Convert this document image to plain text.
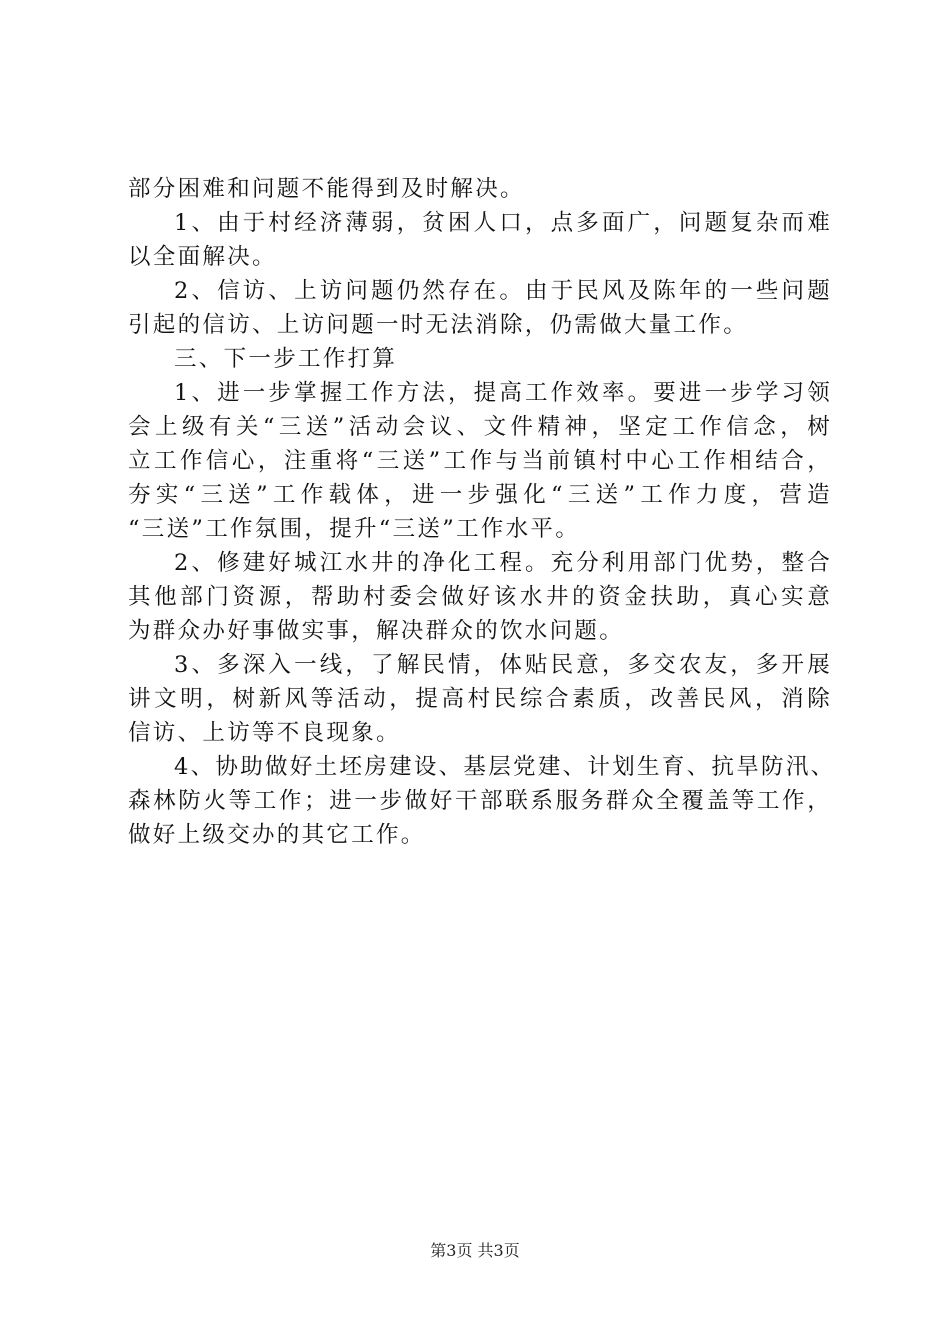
部分困难和问题不能得到及时解决。
1、由于村经济薄弱，贫困人口，点多面广，问题复杂而难
以全面解决。
2、信访、上访问题仍然存在。由于民风及陈年的一些问题
引起的信访、上访问题一时无法消除，仍需做大量工作。
三、下一步工作打算
1、进一步掌握工作方法，提高工作效率。要进一步学习领
会上级有关“三送”活动会议、文件精神，坚定工作信念，树
立工作信心，注重将“三送”工作与当前镇村中心工作相结合，
夯实“三送”工作载体，进一步强化“三送”工作力度，营造
“三送”工作氛围，提升“三送”工作水平。
2、修建好城江水井的净化工程。充分利用部门优势，整合
其他部门资源，帮助村委会做好该水井的资金扶助，真心实意
为群众办好事做实事，解决群众的饮水问题。
3、多深入一线，了解民情，体贴民意，多交农友，多开展
讲文明，树新风等活动，提高村民综合素质，改善民风，消除
信访、上访等不良现象。
4、协助做好土坯房建设、基层党建、计划生育、抗旱防汛、
森林防火等工作；进一步做好干部联系服务群众全覆盖等工作，
做好上级交办的其它工作。
第3页 共3页
